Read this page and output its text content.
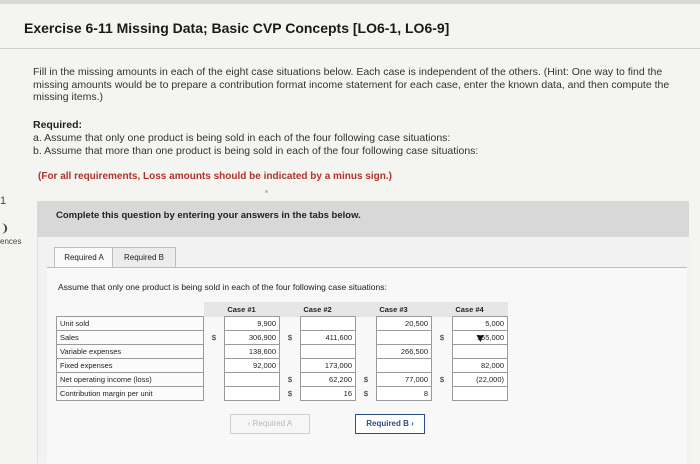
Exercise 6-11 Missing Data; Basic CVP Concepts [LO6-1, LO6-9]
Fill in the missing amounts in each of the eight case situations below. Each case is independent of the others. (Hint: One way to find the missing amounts would be to prepare a contribution format income statement for each case, enter the known data, and then compute the missing items.)
Required:
a. Assume that only one product is being sold in each of the four following case situations:
b. Assume that more than one product is being sold in each of the four following case situations:
(For all requirements, Loss amounts should be indicated by a minus sign.)
1
❩
ences
Complete this question by entering your answers in the tabs below.
Required A	Required B
Assume that only one product is being sold in each of the four following case situations:
	Case #1		Case #2		Case #3		Case #4	
Unit sold		9,900				20,500		5,000
Sales	$	306,900	$	411,600			$	155,000
Variable expenses		138,600				266,500		
Fixed expenses		92,000		173,000				82,000
Net operating income (loss)			$	62,200	$	77,000	$	(22,000)
Contribution margin per unit			$	16	$	8		
‹ Required A	Required B ›
